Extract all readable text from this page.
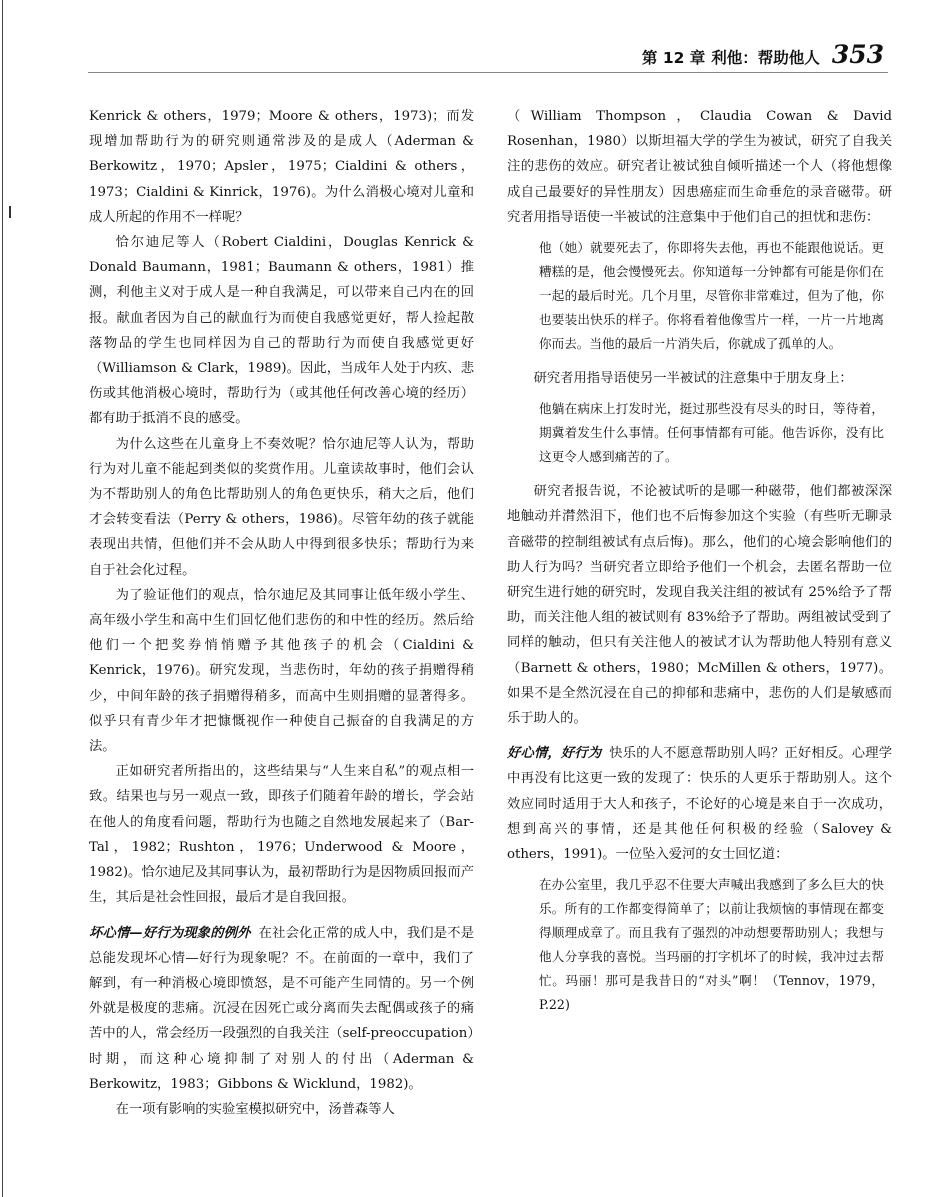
第 12 章 利他：帮助他人 353

Kenrick & others，1979；Moore & others，1973)；而发现增加帮助行为的研究则通常涉及的是成人（Aderman & Berkowitz，1970；Apsler，1975；Cialdini & others，1973；Cialdini & Kinrick，1976)。为什么消极心境对儿童和成人所起的作用不一样呢？

恰尔迪尼等人（Robert Cialdini，Douglas Kenrick & Donald Baumann，1981；Baumann & others，1981）推测，利他主义对于成人是一种自我满足，可以带来自己内在的回报。献血者因为自己的献血行为而使自我感觉更好，帮人捡起散落物品的学生也同样因为自己的帮助行为而使自我感觉更好（Williamson & Clark，1989)。因此，当成年人处于内疚、悲伤或其他消极心境时，帮助行为（或其他任何改善心境的经历）都有助于抵消不良的感受。

为什么这些在儿童身上不奏效呢？恰尔迪尼等人认为，帮助行为对儿童不能起到类似的奖赏作用。儿童读故事时，他们会认为不帮助别人的角色比帮助别人的角色更快乐，稍大之后，他们才会转变看法（Perry & others，1986)。尽管年幼的孩子就能表现出共情，但他们并不会从助人中得到很多快乐；帮助行为来自于社会化过程。

为了验证他们的观点，恰尔迪尼及其同事让低年级小学生、高年级小学生和高中生们回忆他们悲伤的和中性的经历。然后给他们一个把奖券悄悄赠予其他孩子的机会（Cialdini & Kenrick，1976)。研究发现，当悲伤时，年幼的孩子捐赠得稍少，中间年龄的孩子捐赠得稍多，而高中生则捐赠的显著得多。似乎只有青少年才把慷慨视作一种使自己振奋的自我满足的方法。

正如研究者所指出的，这些结果与“人生来自私”的观点相一致。结果也与另一观点一致，即孩子们随着年龄的增长，学会站在他人的角度看问题，帮助行为也随之自然地发展起来了（Bar-Tal，1982；Rushton，1976；Underwood & Moore，1982)。恰尔迪尼及其同事认为，最初帮助行为是因物质回报而产生，其后是社会性回报，最后才是自我回报。

坏心情—好行为现象的例外 在社会化正常的成人中，我们是不是总能发现坏心情—好行为现象呢？不。在前面的一章中，我们了解到，有一种消极心境即愤怒，是不可能产生同情的。另一个例外就是极度的悲痛。沉浸在因死亡或分离而失去配偶或孩子的痛苦中的人，常会经历一段强烈的自我关注（self-preoccupation）时期，而这种心境抑制了对别人的付出（Aderman & Berkowitz，1983；Gibbons & Wicklund，1982)。

在一项有影响的实验室模拟研究中，汤普森等人

（William Thompson，Claudia Cowan & David Rosenhan，1980）以斯坦福大学的学生为被试，研究了自我关注的悲伤的效应。研究者让被试独自倾听描述一个人（将他想像成自己最要好的异性朋友）因患癌症而生命垂危的录音磁带。研究者用指导语使一半被试的注意集中于他们自己的担忧和悲伤：

他（她）就要死去了，你即将失去他，再也不能跟他说话。更糟糕的是，他会慢慢死去。你知道每一分钟都有可能是你们在一起的最后时光。几个月里，尽管你非常难过，但为了他，你也要装出快乐的样子。你将看着他像雪片一样，一片一片地离你而去。当他的最后一片消失后，你就成了孤单的人。

研究者用指导语使另一半被试的注意集中于朋友身上：

他躺在病床上打发时光，挺过那些没有尽头的时日，等待着，期冀着发生什么事情。任何事情都有可能。他告诉你，没有比这更令人感到痛苦的了。

研究者报告说，不论被试听的是哪一种磁带，他们都被深深地触动并潸然泪下，他们也不后悔参加这个实验（有些听无聊录音磁带的控制组被试有点后悔)。那么，他们的心境会影响他们的助人行为吗？当研究者立即给予他们一个机会，去匿名帮助一位研究生进行她的研究时，发现自我关注组的被试有 25%给予了帮助，而关注他人组的被试则有 83%给予了帮助。两组被试受到了同样的触动，但只有关注他人的被试才认为帮助他人特别有意义（Barnett & others，1980；McMillen & others，1977)。如果不是全然沉浸在自己的抑郁和悲痛中，悲伤的人们是敏感而乐于助人的。

好心情，好行为 快乐的人不愿意帮助别人吗？正好相反。心理学中再没有比这更一致的发现了：快乐的人更乐于帮助别人。这个效应同时适用于大人和孩子，不论好的心境是来自于一次成功，想到高兴的事情，还是其他任何积极的经验（Salovey & others，1991)。一位坠入爱河的女士回忆道：

在办公室里，我几乎忍不住要大声喊出我感到了多么巨大的快乐。所有的工作都变得简单了；以前让我烦恼的事情现在都变得顺理成章了。而且我有了强烈的冲动想要帮助别人；我想与他人分享我的喜悦。当玛丽的打字机坏了的时候，我冲过去帮忙。玛丽！那可是我昔日的“对头”啊！（Tennov，1979，P.22)
